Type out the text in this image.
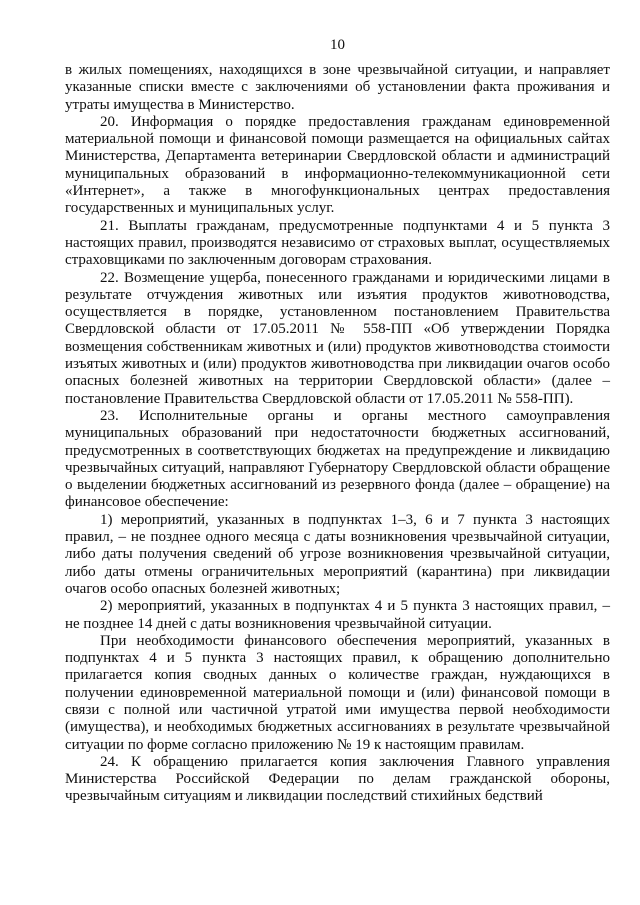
10

в жилых помещениях, находящихся в зоне чрезвычайной ситуации, и направляет указанные списки вместе с заключениями об установлении факта проживания и утраты имущества в Министерство.

20. Информация о порядке предоставления гражданам единовременной материальной помощи и финансовой помощи размещается на официальных сайтах Министерства, Департамента ветеринарии Свердловской области и администраций муниципальных образований в информационно-телекоммуникационной сети «Интернет», а также в многофункциональных центрах предоставления государственных и муниципальных услуг.

21. Выплаты гражданам, предусмотренные подпунктами 4 и 5 пункта 3 настоящих правил, производятся независимо от страховых выплат, осуществляемых страховщиками по заключенным договорам страхования.

22. Возмещение ущерба, понесенного гражданами и юридическими лицами в результате отчуждения животных или изъятия продуктов животноводства, осуществляется в порядке, установленном постановлением Правительства Свердловской области от 17.05.2011 № 558-ПП «Об утверждении Порядка возмещения собственникам животных и (или) продуктов животноводства стоимости изъятых животных и (или) продуктов животноводства при ликвидации очагов особо опасных болезней животных на территории Свердловской области» (далее – постановление Правительства Свердловской области от 17.05.2011 № 558-ПП).

23. Исполнительные органы и органы местного самоуправления муниципальных образований при недостаточности бюджетных ассигнований, предусмотренных в соответствующих бюджетах на предупреждение и ликвидацию чрезвычайных ситуаций, направляют Губернатору Свердловской области обращение о выделении бюджетных ассигнований из резервного фонда (далее – обращение) на финансовое обеспечение:

1) мероприятий, указанных в подпунктах 1–3, 6 и 7 пункта 3 настоящих правил, – не позднее одного месяца с даты возникновения чрезвычайной ситуации, либо даты получения сведений об угрозе возникновения чрезвычайной ситуации, либо даты отмены ограничительных мероприятий (карантина) при ликвидации очагов особо опасных болезней животных;

2) мероприятий, указанных в подпунктах 4 и 5 пункта 3 настоящих правил, – не позднее 14 дней с даты возникновения чрезвычайной ситуации.

При необходимости финансового обеспечения мероприятий, указанных в подпунктах 4 и 5 пункта 3 настоящих правил, к обращению дополнительно прилагается копия сводных данных о количестве граждан, нуждающихся в получении единовременной материальной помощи и (или) финансовой помощи в связи с полной или частичной утратой ими имущества первой необходимости (имущества), и необходимых бюджетных ассигнованиях в результате чрезвычайной ситуации по форме согласно приложению № 19 к настоящим правилам.

24. К обращению прилагается копия заключения Главного управления Министерства Российской Федерации по делам гражданской обороны, чрезвычайным ситуациям и ликвидации последствий стихийных бедствий
